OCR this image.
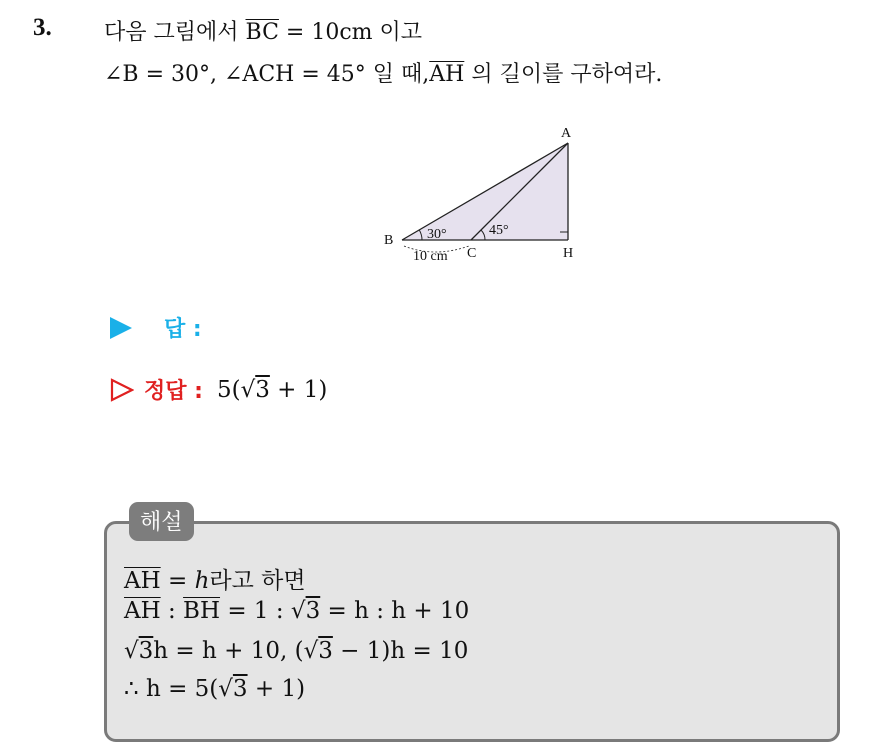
3. 다음 그림에서 $\overline{BC} = 10cm$ 이고
∠B = 30°, ∠ACH = 45° 일 때$,\overline{AH}$ 의 길이를 구하여라.
A
B
C	H
30°	45°
10 cm
답 :
정답 : 5(√3 + 1)
해설
$\overline{AH} = h$라고 하면
$\overline{AH}$ : $\overline{BH} = 1$ : √3 = h : h + 10
√3h = h + 10, (√3 − 1)h = 10
∴ h = 5(√3 + 1)
